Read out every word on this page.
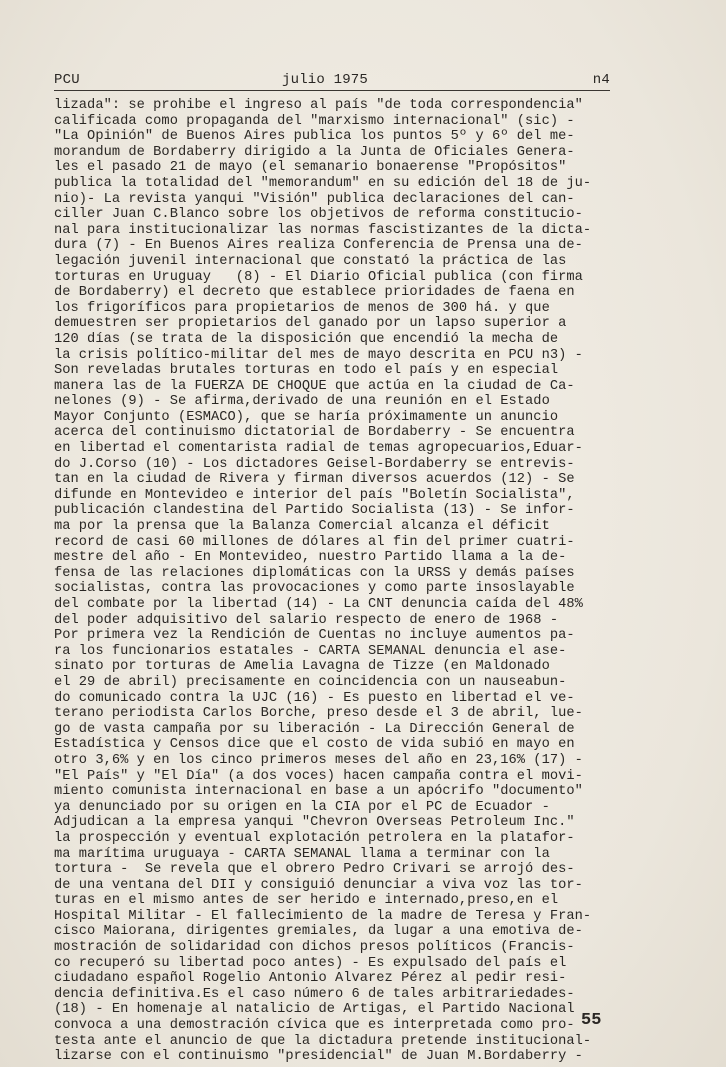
PCU	julio 1975	n4
lizada": se prohibe el ingreso al país "de toda correspondencia"
calificada como propaganda del "marxismo internacional" (sic) -
"La Opinión" de Buenos Aires publica los puntos 5º y 6º del me-
morandum de Bordaberry dirigido a la Junta de Oficiales Genera-
les el pasado 21 de mayo (el semanario bonaerense "Propósitos"
publica la totalidad del "memorandum" en su edición del 18 de ju-
nio)- La revista yanqui "Visión" publica declaraciones del can-
ciller Juan C.Blanco sobre los objetivos de reforma constitucio-
nal para institucionalizar las normas fascistizantes de la dicta-
dura (7) - En Buenos Aires realiza Conferencia de Prensa una de-
legación juvenil internacional que constató la práctica de las
torturas en Uruguay   (8) - El Diario Oficial publica (con firma
de Bordaberry) el decreto que establece prioridades de faena en
los frigoríficos para propietarios de menos de 300 há. y que
demuestren ser propietarios del ganado por un lapso superior a
120 días (se trata de la disposición que encendió la mecha de
la crisis político-militar del mes de mayo descrita en PCU n3) -
Son reveladas brutales torturas en todo el país y en especial
manera las de la FUERZA DE CHOQUE que actúa en la ciudad de Ca-
nelones (9) - Se afirma,derivado de una reunión en el Estado
Mayor Conjunto (ESMACO), que se haría próximamente un anuncio
acerca del continuismo dictatorial de Bordaberry - Se encuentra
en libertad el comentarista radial de temas agropecuarios,Eduar-
do J.Corso (10) - Los dictadores Geisel-Bordaberry se entrevis-
tan en la ciudad de Rivera y firman diversos acuerdos (12) - Se
difunde en Montevideo e interior del país "Boletín Socialista",
publicación clandestina del Partido Socialista (13) - Se infor-
ma por la prensa que la Balanza Comercial alcanza el déficit
record de casi 60 millones de dólares al fin del primer cuatri-
mestre del año - En Montevideo, nuestro Partido llama a la de-
fensa de las relaciones diplomáticas con la URSS y demás países
socialistas, contra las provocaciones y como parte insoslayable
del combate por la libertad (14) - La CNT denuncia caída del 48%
del poder adquisitivo del salario respecto de enero de 1968 -
Por primera vez la Rendición de Cuentas no incluye aumentos pa-
ra los funcionarios estatales - CARTA SEMANAL denuncia el ase-
sinato por torturas de Amelia Lavagna de Tizze (en Maldonado
el 29 de abril) precisamente en coincidencia con un nauseabun-
do comunicado contra la UJC (16) - Es puesto en libertad el ve-
terano periodista Carlos Borche, preso desde el 3 de abril, lue-
go de vasta campaña por su liberación - La Dirección General de
Estadística y Censos dice que el costo de vida subió en mayo en
otro 3,6% y en los cinco primeros meses del año en 23,16% (17) -
"El País" y "El Día" (a dos voces) hacen campaña contra el movi-
miento comunista internacional en base a un apócrifo "documento"
ya denunciado por su origen en la CIA por el PC de Ecuador -
Adjudican a la empresa yanqui "Chevron Overseas Petroleum Inc."
la prospección y eventual explotación petrolera en la platafor-
ma marítima uruguaya - CARTA SEMANAL llama a terminar con la
tortura -  Se revela que el obrero Pedro Crivari se arrojó des-
de una ventana del DII y consiguió denunciar a viva voz las tor-
turas en el mismo antes de ser herido e internado,preso,en el
Hospital Militar - El fallecimiento de la madre de Teresa y Fran-
cisco Maiorana, dirigentes gremiales, da lugar a una emotiva de-
mostración de solidaridad con dichos presos políticos (Francis-
co recuperó su libertad poco antes) - Es expulsado del país el
ciudadano español Rogelio Antonio Alvarez Pérez al pedir resi-
dencia definitiva.Es el caso número 6 de tales arbitrariedades-
(18) - En homenaje al natalicio de Artigas, el Partido Nacional
convoca a una demostración cívica que es interpretada como pro-
testa ante el anuncio de que la dictadura pretende institucional-
lizarse con el continuismo "presidencial" de Juan M.Bordaberry -
55
